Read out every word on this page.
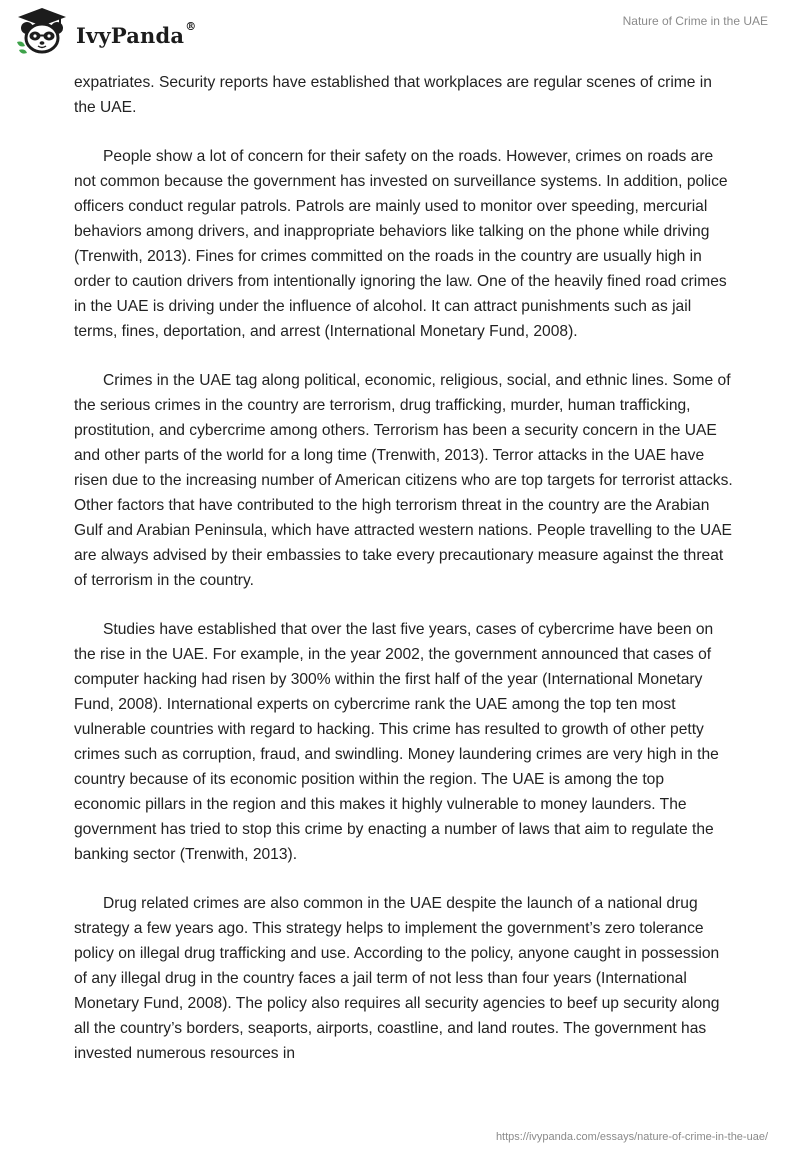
IvyPanda®	Nature of Crime in the UAE

expatriates. Security reports have established that workplaces are regular scenes of crime in the UAE.

People show a lot of concern for their safety on the roads. However, crimes on roads are not common because the government has invested on surveillance systems. In addition, police officers conduct regular patrols. Patrols are mainly used to monitor over speeding, mercurial behaviors among drivers, and inappropriate behaviors like talking on the phone while driving (Trenwith, 2013). Fines for crimes committed on the roads in the country are usually high in order to caution drivers from intentionally ignoring the law. One of the heavily fined road crimes in the UAE is driving under the influence of alcohol. It can attract punishments such as jail terms, fines, deportation, and arrest (International Monetary Fund, 2008).

Crimes in the UAE tag along political, economic, religious, social, and ethnic lines. Some of the serious crimes in the country are terrorism, drug trafficking, murder, human trafficking, prostitution, and cybercrime among others. Terrorism has been a security concern in the UAE and other parts of the world for a long time (Trenwith, 2013). Terror attacks in the UAE have risen due to the increasing number of American citizens who are top targets for terrorist attacks. Other factors that have contributed to the high terrorism threat in the country are the Arabian Gulf and Arabian Peninsula, which have attracted western nations. People travelling to the UAE are always advised by their embassies to take every precautionary measure against the threat of terrorism in the country.

Studies have established that over the last five years, cases of cybercrime have been on the rise in the UAE. For example, in the year 2002, the government announced that cases of computer hacking had risen by 300% within the first half of the year (International Monetary Fund, 2008). International experts on cybercrime rank the UAE among the top ten most vulnerable countries with regard to hacking. This crime has resulted to growth of other petty crimes such as corruption, fraud, and swindling. Money laundering crimes are very high in the country because of its economic position within the region. The UAE is among the top economic pillars in the region and this makes it highly vulnerable to money launders. The government has tried to stop this crime by enacting a number of laws that aim to regulate the banking sector (Trenwith, 2013).

Drug related crimes are also common in the UAE despite the launch of a national drug strategy a few years ago. This strategy helps to implement the government’s zero tolerance policy on illegal drug trafficking and use. According to the policy, anyone caught in possession of any illegal drug in the country faces a jail term of not less than four years (International Monetary Fund, 2008). The policy also requires all security agencies to beef up security along all the country’s borders, seaports, airports, coastline, and land routes. The government has invested numerous resources in

https://ivypanda.com/essays/nature-of-crime-in-the-uae/
